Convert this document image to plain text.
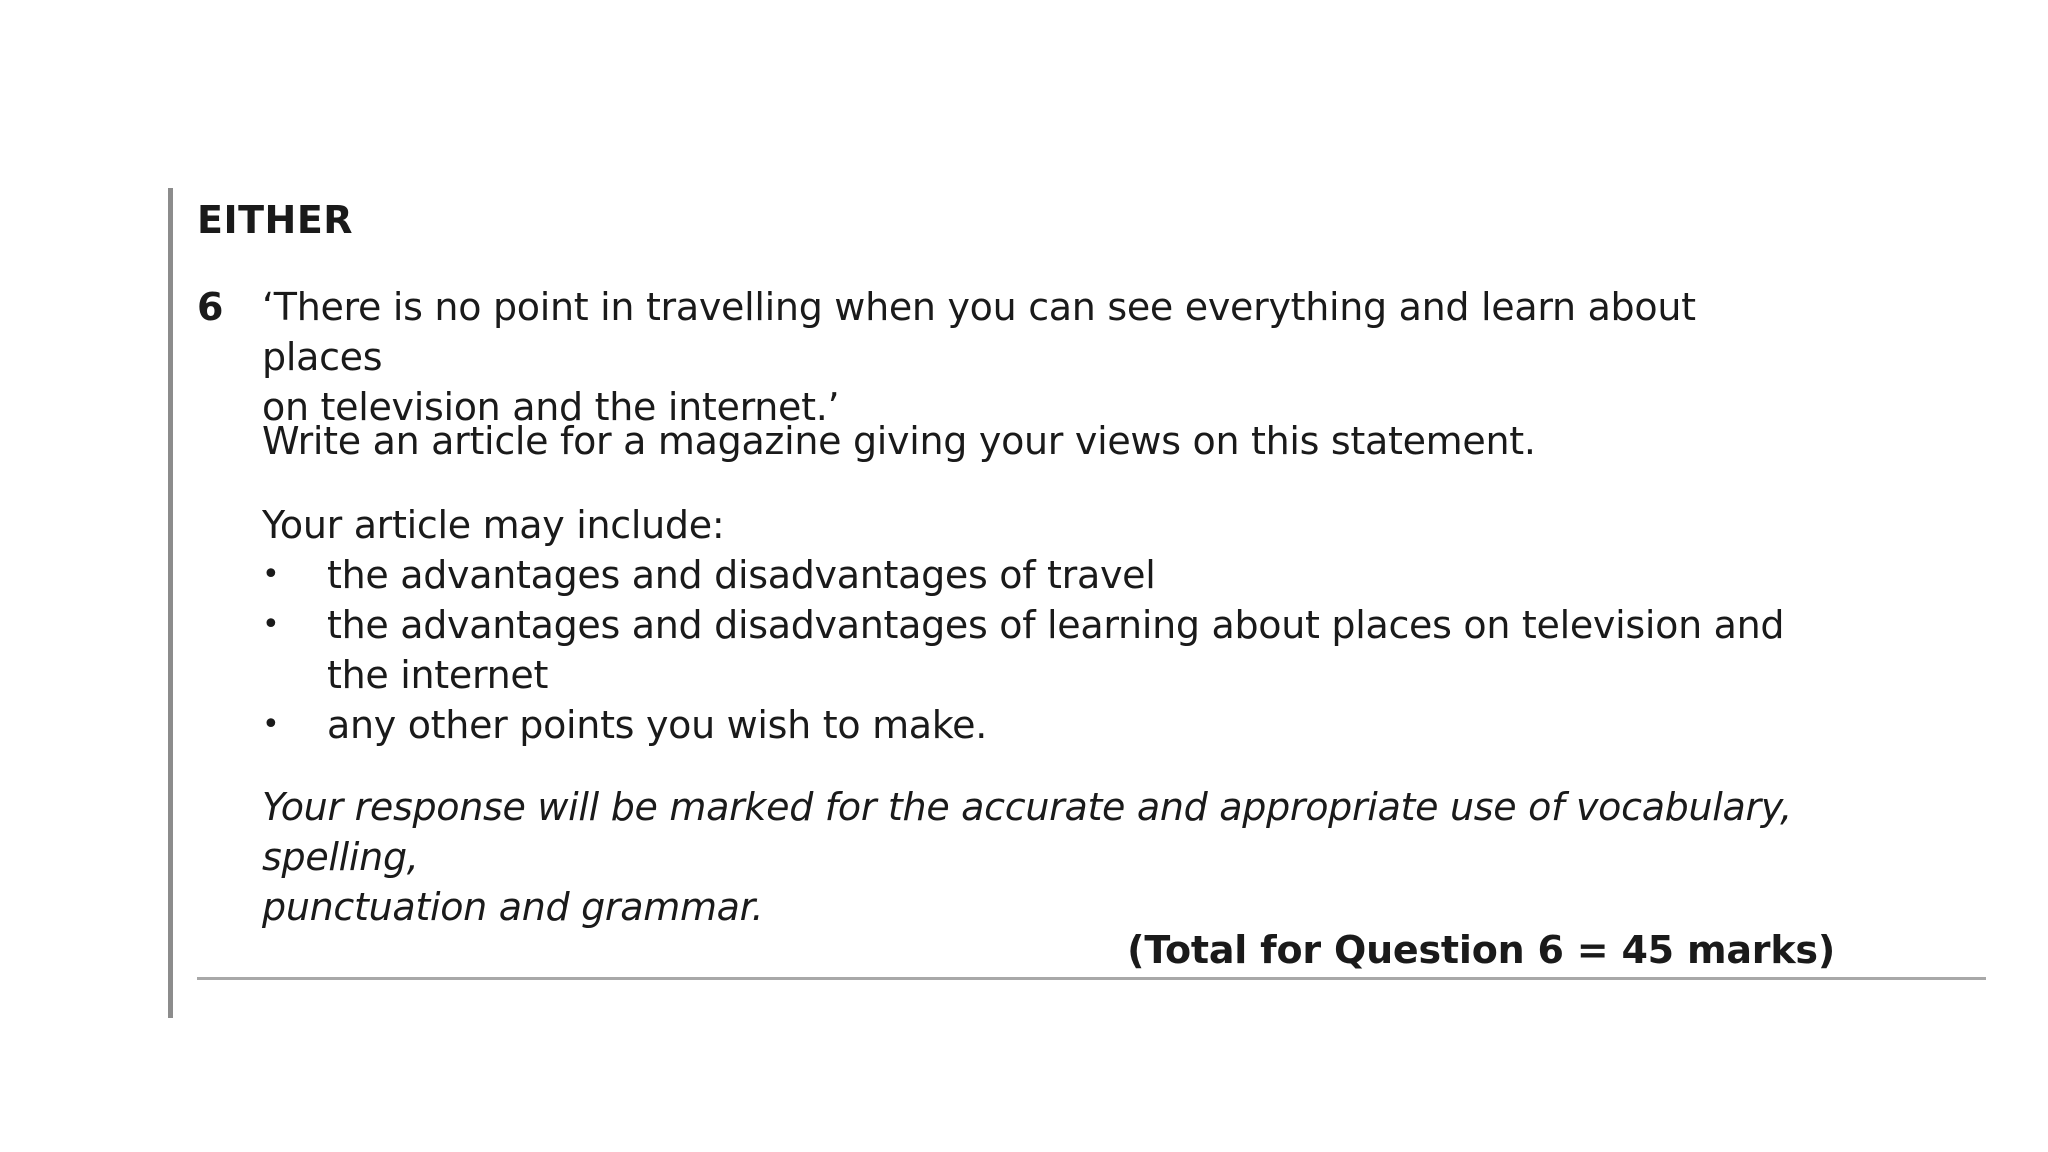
EITHER
6 ‘There is no point in travelling when you can see everything and learn about places
on television and the internet.’
Write an article for a magazine giving your views on this statement.
Your article may include:
• the advantages and disadvantages of travel
• the advantages and disadvantages of learning about places on television and
the internet
• any other points you wish to make.
Your response will be marked for the accurate and appropriate use of vocabulary, spelling,
punctuation and grammar.
(Total for Question 6 = 45 marks)
